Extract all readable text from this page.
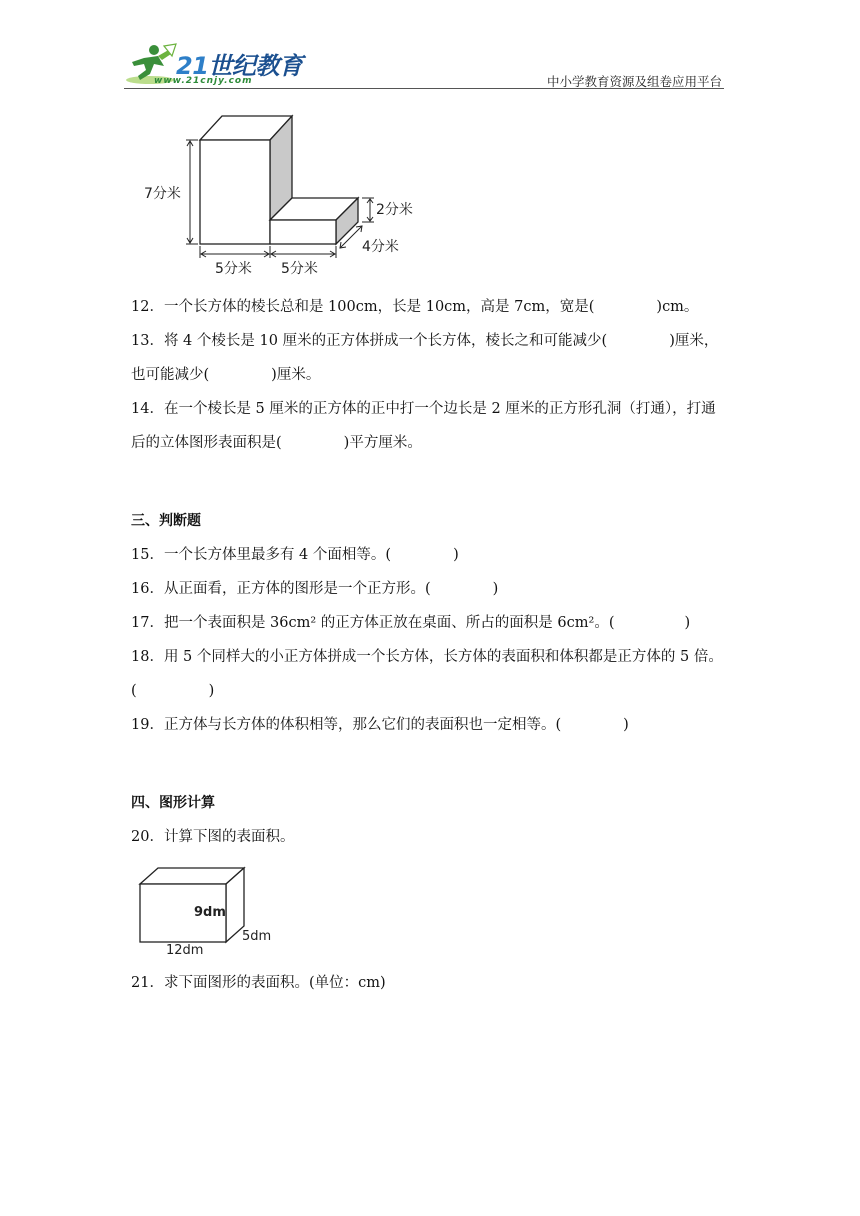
21世纪教育
www.21cnjy.com	中小学教育资源及组卷应用平台
7分米
2分米
4分米
5分米 5分米
12．一个长方体的棱长总和是 100cm，长是 10cm，高是 7cm，宽是(	)cm。
13．将 4 个棱长是 10 厘米的正方体拼成一个长方体，棱长之和可能减少(	)厘米，
也可能减少(	)厘米。
14．在一个棱长是 5 厘米的正方体的正中打一个边长是 2 厘米的正方形孔洞（打通），打通
后的立体图形表面积是(	)平方厘米。
三、判断题
15．一个长方体里最多有 4 个面相等。(	)
16．从正面看，正方体的图形是一个正方形。(	)
17．把一个表面积是 36cm² 的正方体正放在桌面、所占的面积是 6cm²。(	)
18．用 5 个同样大的小正方体拼成一个长方体，长方体的表面积和体积都是正方体的 5 倍。
(	)
19．正方体与长方体的体积相等，那么它们的表面积也一定相等。(	)
四、图形计算
20．计算下图的表面积。
9dm
12dm
5dm
21．求下面图形的表面积。(单位：cm)
